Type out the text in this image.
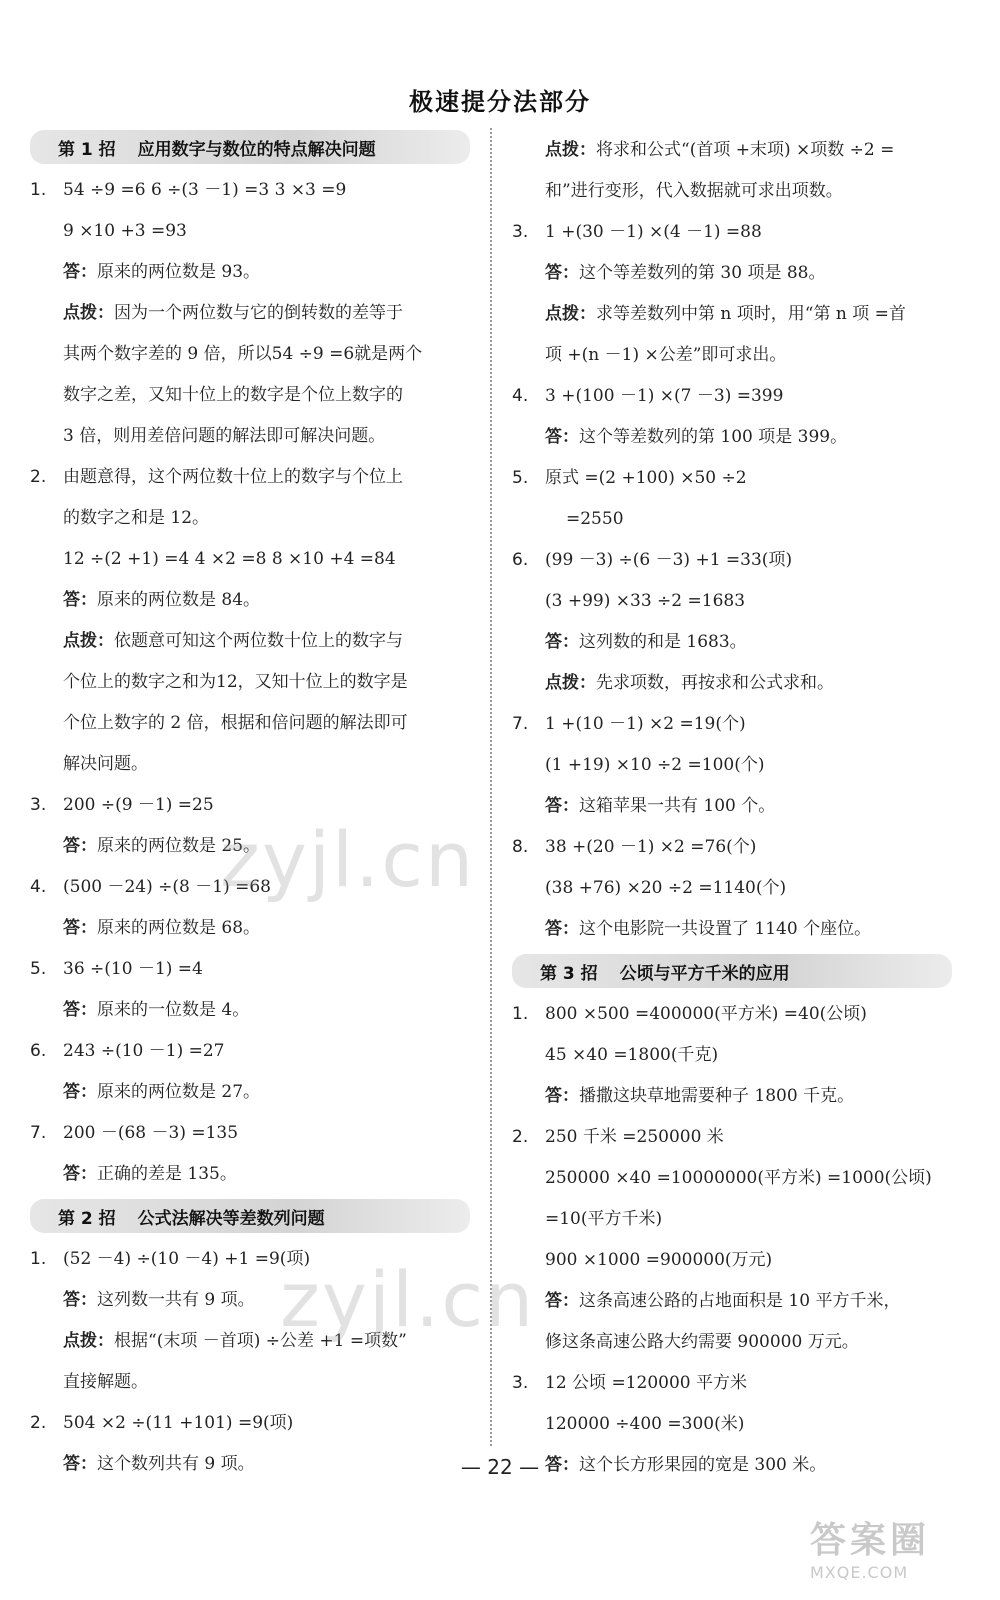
极速提分法部分
第 1 招 应用数字与数位的特点解决问题
1. 54 ÷9 =6 6 ÷(3 －1) =3 3 ×3 =9
9 ×10 +3 =93
答：原来的两位数是 93。
点拨：因为一个两位数与它的倒转数的差等于
其两个数字差的 9 倍，所以54 ÷9 =6就是两个
数字之差，又知十位上的数字是个位上数字的
3 倍，则用差倍问题的解法即可解决问题。
2. 由题意得，这个两位数十位上的数字与个位上
的数字之和是 12。
12 ÷(2 +1) =4 4 ×2 =8 8 ×10 +4 =84
答：原来的两位数是 84。
点拨：依题意可知这个两位数十位上的数字与
个位上的数字之和为12，又知十位上的数字是
个位上数字的 2 倍，根据和倍问题的解法即可
解决问题。
3. 200 ÷(9 －1) =25
答：原来的两位数是 25。
4. (500 －24) ÷(8 －1) =68
答：原来的两位数是 68。
5. 36 ÷(10 －1) =4
答：原来的一位数是 4。
6. 243 ÷(10 －1) =27
答：原来的两位数是 27。
7. 200 －(68 －3) =135
答：正确的差是 135。
第 2 招 公式法解决等差数列问题
1. (52 －4) ÷(10 －4) +1 =9(项)
答：这列数一共有 9 项。
点拨：根据“(末项 －首项) ÷公差 +1 =项数”
直接解题。
2. 504 ×2 ÷(11 +101) =9(项)
答：这个数列共有 9 项。
点拨：将求和公式“(首项 +末项) ×项数 ÷2 =
和”进行变形，代入数据就可求出项数。
3. 1 +(30 －1) ×(4 －1) =88
答：这个等差数列的第 30 项是 88。
点拨：求等差数列中第 n 项时，用“第 n 项 =首
项 +(n －1) ×公差”即可求出。
4. 3 +(100 －1) ×(7 －3) =399
答：这个等差数列的第 100 项是 399。
5. 原式 =(2 +100) ×50 ÷2
=2550
6. (99 －3) ÷(6 －3) +1 =33(项)
(3 +99) ×33 ÷2 =1683
答：这列数的和是 1683。
点拨：先求项数，再按求和公式求和。
7. 1 +(10 －1) ×2 =19(个)
(1 +19) ×10 ÷2 =100(个)
答：这箱苹果一共有 100 个。
8. 38 +(20 －1) ×2 =76(个)
(38 +76) ×20 ÷2 =1140(个)
答：这个电影院一共设置了 1140 个座位。
第 3 招 公顷与平方千米的应用
1. 800 ×500 =400000(平方米) =40(公顷)
45 ×40 =1800(千克)
答：播撒这块草地需要种子 1800 千克。
2. 250 千米 =250000 米
250000 ×40 =10000000(平方米) =1000(公顷)
=10(平方千米)
900 ×1000 =900000(万元)
答：这条高速公路的占地面积是 10 平方千米，
修这条高速公路大约需要 900000 万元。
3. 12 公顷 =120000 平方米
120000 ÷400 =300(米)
答：这个长方形果园的宽是 300 米。
zyjl.cn
zyjl.cn
— 22 —
答案圈
MXQE.COM
